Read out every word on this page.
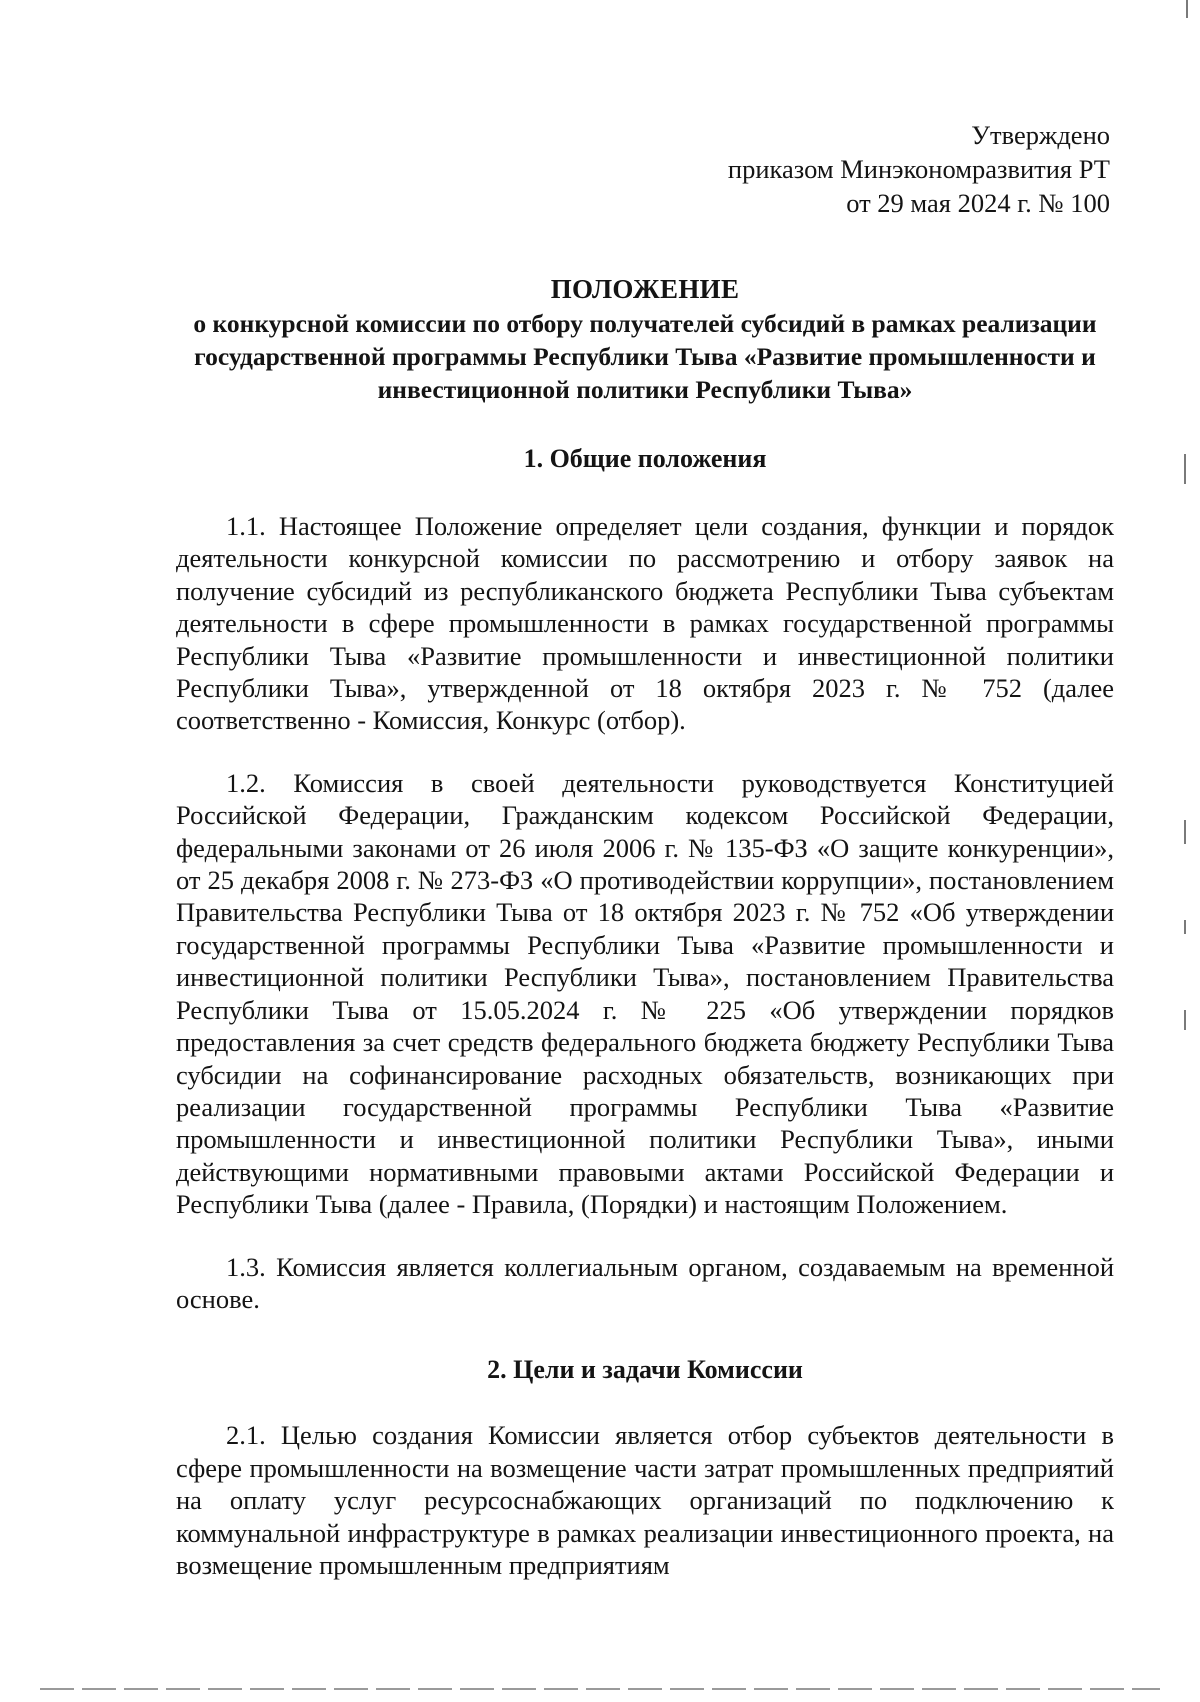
Утверждено
приказом Минэкономразвития РТ
от 29 мая 2024 г. № 100

ПОЛОЖЕНИЕ

о конкурсной комиссии по отбору получателей субсидий в рамках реализации государственной программы Республики Тыва «Развитие промышленности и инвестиционной политики Республики Тыва»

1. Общие положения

1.1. Настоящее Положение определяет цели создания, функции и порядок деятельности конкурсной комиссии по рассмотрению и отбору заявок на получение субсидий из республиканского бюджета Республики Тыва субъектам деятельности в сфере промышленности в рамках государственной программы Республики Тыва «Развитие промышленности и инвестиционной политики Республики Тыва», утвержденной от 18 октября 2023 г. № 752 (далее соответственно - Комиссия, Конкурс (отбор).

1.2. Комиссия в своей деятельности руководствуется Конституцией Российской Федерации, Гражданским кодексом Российской Федерации, федеральными законами от 26 июля 2006 г. № 135-ФЗ «О защите конкуренции», от 25 декабря 2008 г. № 273-ФЗ «О противодействии коррупции», постановлением Правительства Республики Тыва от 18 октября 2023 г. № 752 «Об утверждении государственной программы Республики Тыва «Развитие промышленности и инвестиционной политики Республики Тыва», постановлением Правительства Республики Тыва от 15.05.2024 г. № 225 «Об утверждении порядков предоставления за счет средств федерального бюджета бюджету Республики Тыва субсидии на софинансирование расходных обязательств, возникающих при реализации государственной программы Республики Тыва «Развитие промышленности и инвестиционной политики Республики Тыва», иными действующими нормативными правовыми актами Российской Федерации и Республики Тыва (далее - Правила, (Порядки) и настоящим Положением.

1.3. Комиссия является коллегиальным органом, создаваемым на временной основе.

2. Цели и задачи Комиссии

2.1. Целью создания Комиссии является отбор субъектов деятельности в сфере промышленности на возмещение части затрат промышленных предприятий на оплату услуг ресурсоснабжающих организаций по подключению к коммунальной инфраструктуре в рамках реализации инвестиционного проекта, на возмещение промышленным предприятиям
